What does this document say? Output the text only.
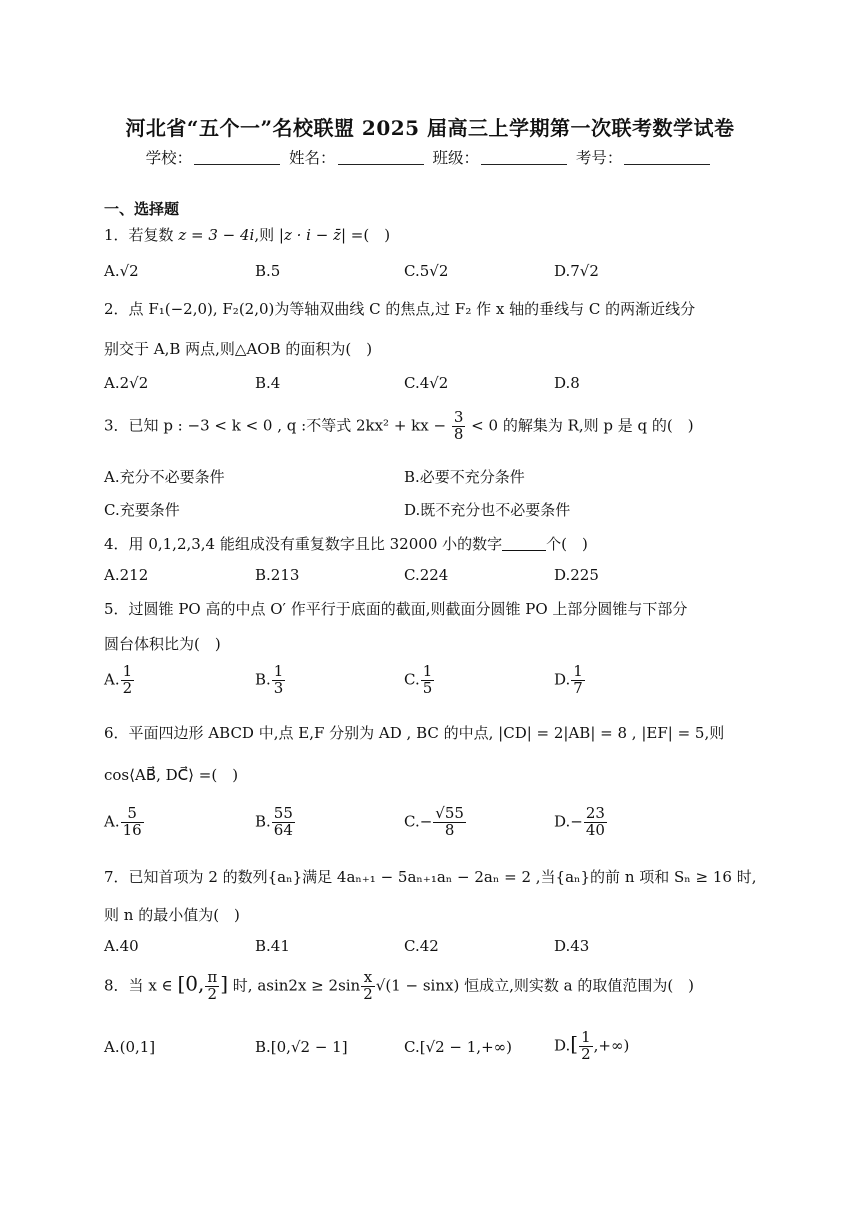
河北省“五个一”名校联盟 2025 届高三上学期第一次联考数学试卷
学校：	姓名：	班级：	考号：
一、选择题
1．若复数 z = 3 − 4i,则 |z · i − z̄| =(　)
A.√2	B.5	C.5√2	D.7√2
2．点 F₁(−2,0), F₂(2,0)为等轴双曲线 C 的焦点,过 F₂ 作 x 轴的垂线与 C 的两渐近线分
别交于 A,B 两点,则△AOB 的面积为(　)
A.2√2	B.4	C.4√2	D.8
3．已知 p : −3 < k < 0 , q :不等式 2kx² + kx − $\frac{3}{8} < 0$ 的解集为 R,则 p 是 q 的(　)
A.充分不必要条件	B.必要不充分条件
C.充要条件	D.既不充分也不必要条件
4．用 0,1,2,3,4 能组成没有重复数字且比 32000 小的数字	个(　)
A.212	B.213	C.224	D.225
5．过圆锥 PO 高的中点 O′ 作平行于底面的截面,则截面分圆锥 PO 上部分圆锥与下部分
圆台体积比为(　)
A. $\frac{1}{2}$	B. $\frac{1}{3}$	C. $\frac{1}{5}$	D. $\frac{1}{7}$
6．平面四边形 ABCD 中,点 E,F 分别为 AD , BC 的中点, |CD| = 2|AB| = 8 , |EF| = 5,则
cos⟨AB⃗, DC⃗⟩ =(　)
A. $\frac{5}{16}$	B. $\frac{55}{64}$	$C.- \frac{√55}{8}$	$D.- \frac{23}{40}$
7．已知首项为 2 的数列{aₙ}满足 4aₙ₊₁ − 5aₙ₊₁aₙ − 2aₙ = 2 ,当{aₙ}的前 n 项和 Sₙ ≥ 16 时,
则 n 的最小值为(　)
A.40	B.41	C.42	D.43
8．当 x ∈ [0, $\frac{\pi}{2}$ ] 时, $asin2x \ge 2\sin \frac{x}{2} √(1 - \sin x)$ 恒成立,则实数 a 的取值范围为(　)
A.(0,1]	B.[0,√2 − 1]	C.[√2 − 1,+∞)	$D.[ \frac{1}{2}$ ,+∞)
